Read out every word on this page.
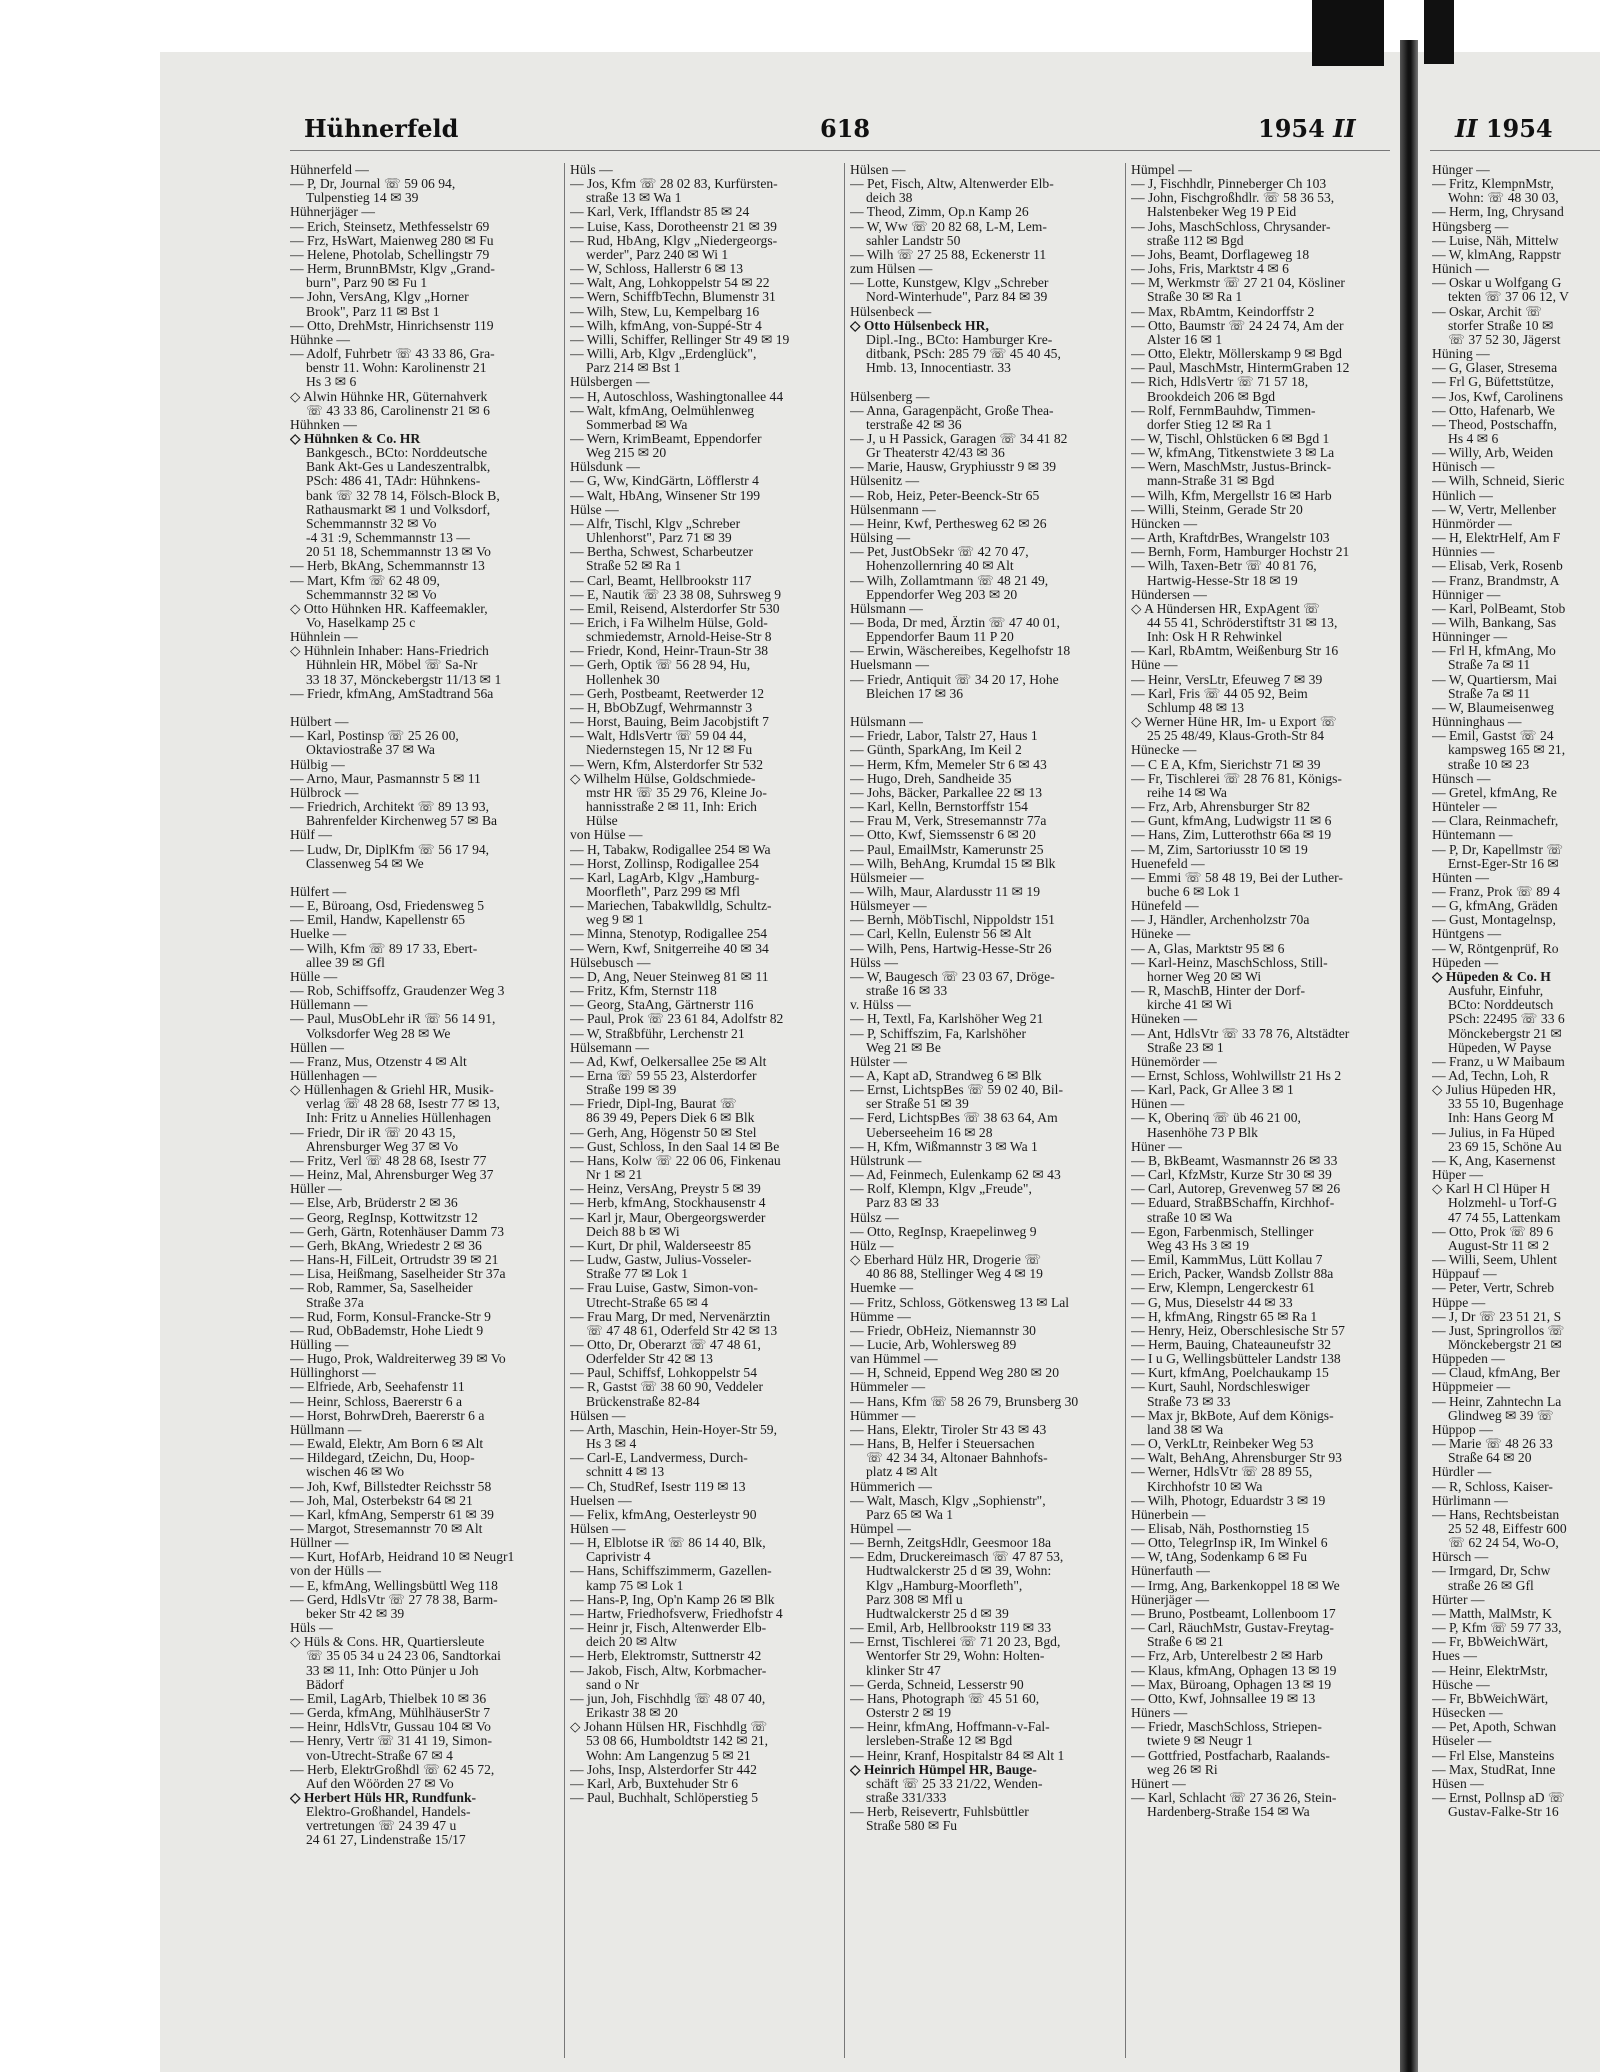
Hühnerfeld	618	1954 II	II 1954
Hühnerfeld —
— P, Dr, Journal ☏ 59 06 94,
Tulpenstieg 14 ✉ 39
Hühnerjäger —
— Erich, Steinsetz, Methfesselstr 69
— Frz, HsWart, Maienweg 280 ✉ Fu
— Helene, Photolab, Schellingstr 79
— Herm, BrunnBMstr, Klgv „Grand-
burn", Parz 90 ✉ Fu 1
— John, VersAng, Klgv „Horner
Brook", Parz 11 ✉ Bst 1
— Otto, DrehMstr, Hinrichsenstr 119
Hühnke —
— Adolf, Fuhrbetr ☏ 43 33 86, Gra-
benstr 11. Wohn: Karolinenstr 21
Hs 3 ✉ 6
◇ Alwin Hühnke HR, Güternahverk
☏ 43 33 86, Carolinenstr 21 ✉ 6
Hühnken —
◇ Hühnken & Co. HR
Bankgesch., BCto: Norddeutsche
Bank Akt-Ges u Landeszentralbk,
PSch: 486 41, TAdr: Hühnkens-
bank ☏ 32 78 14, Fölsch-Block B,
Rathausmarkt ✉ 1 und Volksdorf,
Schemmannstr 32 ✉ Vo
-4 31 :9, Schemmannstr 13 —
20 51 18, Schemmannstr 13 ✉ Vo
— Herb, BkAng, Schemmannstr 13
— Mart, Kfm ☏ 62 48 09,
Schemmannstr 32 ✉ Vo
◇ Otto Hühnken HR. Kaffeemakler,
Vo, Haselkamp 25 c
Hühnlein —
◇ Hühnlein Inhaber: Hans-Friedrich
Hühnlein HR, Möbel ☏ Sa-Nr
33 18 37, Mönckebergstr 11/13 ✉ 1
— Friedr, kfmAng, AmStadtrand 56a

Hülbert —
— Karl, Postinsp ☏ 25 26 00,
Oktaviostraße 37 ✉ Wa
Hülbig —
— Arno, Maur, Pasmannstr 5 ✉ 11
Hülbrock —
— Friedrich, Architekt ☏ 89 13 93,
Bahrenfelder Kirchenweg 57 ✉ Ba
Hülf —
— Ludw, Dr, DiplKfm ☏ 56 17 94,
Classenweg 54 ✉ We

Hülfert —
— E, Büroang, Osd, Friedensweg 5
— Emil, Handw, Kapellenstr 65
Huelke —
— Wilh, Kfm ☏ 89 17 33, Ebert-
allee 39 ✉ Gfl
Hülle —
— Rob, Schiffsoffz, Graudenzer Weg 3
Hüllemann —
— Paul, MusObLehr iR ☏ 56 14 91,
Volksdorfer Weg 28 ✉ We
Hüllen —
— Franz, Mus, Otzenstr 4 ✉ Alt
Hüllenhagen —
◇ Hüllenhagen & Griehl HR, Musik-
verlag ☏ 48 28 68, Isestr 77 ✉ 13,
Inh: Fritz u Annelies Hüllenhagen
— Friedr, Dir iR ☏ 20 43 15,
Ahrensburger Weg 37 ✉ Vo
— Fritz, Verl ☏ 48 28 68, Isestr 77
— Heinz, Mal, Ahrensburger Weg 37
Hüller —
— Else, Arb, Brüderstr 2 ✉ 36
— Georg, RegInsp, Kottwitzstr 12
— Gerh, Gärtn, Rotenhäuser Damm 73
— Gerh, BkAng, Wriedestr 2 ✉ 36
— Hans-H, FilLeit, Ortrudstr 39 ✉ 21
— Lisa, Heißmang, Saselheider Str 37a
— Rob, Rammer, Sa, Saselheider
Straße 37a
— Rud, Form, Konsul-Francke-Str 9
— Rud, ObBademstr, Hohe Liedt 9
Hülling —
— Hugo, Prok, Waldreiterweg 39 ✉ Vo
Hüllinghorst —
— Elfriede, Arb, Seehafenstr 11
— Heinr, Schloss, Baererstr 6 a
— Horst, BohrwDreh, Baererstr 6 a
Hüllmann —
— Ewald, Elektr, Am Born 6 ✉ Alt
— Hildegard, tZeichn, Du, Hoop-
wischen 46 ✉ Wo
— Joh, Kwf, Billstedter Reichsstr 58
— Joh, Mal, Osterbekstr 64 ✉ 21
— Karl, kfmAng, Semperstr 61 ✉ 39
— Margot, Stresemannstr 70 ✉ Alt
Hüllner —
— Kurt, HofArb, Heidrand 10 ✉ Neugr1
von der Hülls —
— E, kfmAng, Wellingsbüttl Weg 118
— Gerd, HdlsVtr ☏ 27 78 38, Barm-
beker Str 42 ✉ 39
Hüls —
◇ Hüls & Cons. HR, Quartiersleute
☏ 35 05 34 u 24 23 06, Sandtorkai
33 ✉ 11, Inh: Otto Pünjer u Joh
Bädorf
— Emil, LagArb, Thielbek 10 ✉ 36
— Gerda, kfmAng, MühlhäuserStr 7
— Heinr, HdlsVtr, Gussau 104 ✉ Vo
— Henry, Vertr ☏ 31 41 19, Simon-
von-Utrecht-Straße 67 ✉ 4
— Herb, ElektrGroßhdl ☏ 62 45 72,
Auf den Wöörden 27 ✉ Vo
◇ Herbert Hüls HR, Rundfunk-
Elektro-Großhandel, Handels-
vertretungen ☏ 24 39 47 u
24 61 27, Lindenstraße 15/17
Hüls —
— Jos, Kfm ☏ 28 02 83, Kurfürsten-
straße 13 ✉ Wa 1
— Karl, Verk, Ifflandstr 85 ✉ 24
— Luise, Kass, Dorotheenstr 21 ✉ 39
— Rud, HbAng, Klgv „Niedergeorgs-
werder", Parz 240 ✉ Wi 1
— W, Schloss, Hallerstr 6 ✉ 13
— Walt, Ang, Lohkoppelstr 54 ✉ 22
— Wern, SchiffbTechn, Blumenstr 31
— Wilh, Stew, Lu, Kempelbarg 16
— Wilh, kfmAng, von-Suppé-Str 4
— Willi, Schiffer, Rellinger Str 49 ✉ 19
— Willi, Arb, Klgv „Erdenglück",
Parz 214 ✉ Bst 1
Hülsbergen —
— H, Autoschloss, Washingtonallee 44
— Walt, kfmAng, Oelmühlenweg
Sommerbad ✉ Wa
— Wern, KrimBeamt, Eppendorfer
Weg 215 ✉ 20
Hülsdunk —
— G, Ww, KindGärtn, Löfflerstr 4
— Walt, HbAng, Winsener Str 199
Hülse —
— Alfr, Tischl, Klgv „Schreber
Uhlenhorst", Parz 71 ✉ 39
— Bertha, Schwest, Scharbeutzer
Straße 52 ✉ Ra 1
— Carl, Beamt, Hellbrookstr 117
— E, Nautik ☏ 23 38 08, Suhrsweg 9
— Emil, Reisend, Alsterdorfer Str 530
— Erich, i Fa Wilhelm Hülse, Gold-
schmiedemstr, Arnold-Heise-Str 8
— Friedr, Kond, Heinr-Traun-Str 38
— Gerh, Optik ☏ 56 28 94, Hu,
Hollenhek 30
— Gerh, Postbeamt, Reetwerder 12
— H, BbObZugf, Wehrmannstr 3
— Horst, Bauing, Beim Jacobjstift 7
— Walt, HdlsVertr ☏ 59 04 44,
Niedernstegen 15, Nr 12 ✉ Fu
— Wern, Kfm, Alsterdorfer Str 532
◇ Wilhelm Hülse, Goldschmiede-
mstr HR ☏ 35 29 76, Kleine Jo-
hannisstraße 2 ✉ 11, Inh: Erich
Hülse
von Hülse —
— H, Tabakw, Rodigallee 254 ✉ Wa
— Horst, Zollinsp, Rodigallee 254
— Karl, LagArb, Klgv „Hamburg-
Moorfleth", Parz 299 ✉ Mfl
— Mariechen, Tabakwlldlg, Schultz-
weg 9 ✉ 1
— Minna, Stenotyp, Rodigallee 254
— Wern, Kwf, Snitgerreihe 40 ✉ 34
Hülsebusch —
— D, Ang, Neuer Steinweg 81 ✉ 11
— Fritz, Kfm, Sternstr 118
— Georg, StaAng, Gärtnerstr 116
— Paul, Prok ☏ 23 61 84, Adolfstr 82
— W, Straßbführ, Lerchenstr 21
Hülsemann —
— Ad, Kwf, Oelkersallee 25e ✉ Alt
— Erna ☏ 59 55 23, Alsterdorfer
Straße 199 ✉ 39
— Friedr, Dipl-Ing, Baurat ☏
86 39 49, Pepers Diek 6 ✉ Blk
— Gerh, Ang, Högenstr 50 ✉ Stel
— Gust, Schloss, In den Saal 14 ✉ Be
— Hans, Kolw ☏ 22 06 06, Finkenau
Nr 1 ✉ 21
— Heinz, VersAng, Preystr 5 ✉ 39
— Herb, kfmAng, Stockhausenstr 4
— Karl jr, Maur, Obergeorgswerder
Deich 88 b ✉ Wi
— Kurt, Dr phil, Walderseestr 85
— Ludw, Gastw, Julius-Vosseler-
Straße 77 ✉ Lok 1
— Frau Luise, Gastw, Simon-von-
Utrecht-Straße 65 ✉ 4
— Frau Marg, Dr med, Nervenärztin
☏ 47 48 61, Oderfeld Str 42 ✉ 13
— Otto, Dr, Oberarzt ☏ 47 48 61,
Oderfelder Str 42 ✉ 13
— Paul, Schiffsf, Lohkoppelstr 54
— R, Gastst ☏ 38 60 90, Veddeler
Brückenstraße 82-84
Hülsen —
— Arth, Maschin, Hein-Hoyer-Str 59,
Hs 3 ✉ 4
— Carl-E, Landvermess, Durch-
schnitt 4 ✉ 13
— Ch, StudRef, Isestr 119 ✉ 13
Huelsen —
— Felix, kfmAng, Oesterleystr 90
Hülsen —
— H, Elblotse iR ☏ 86 14 40, Blk,
Caprivistr 4
— Hans, Schiffszimmerm, Gazellen-
kamp 75 ✉ Lok 1
— Hans-P, Ing, Op'n Kamp 26 ✉ Blk
— Hartw, Friedhofsverw, Friedhofstr 4
— Heinr jr, Fisch, Altenwerder Elb-
deich 20 ✉ Altw
— Herb, Elektromstr, Suttnerstr 42
— Jakob, Fisch, Altw, Korbmacher-
sand o Nr
— jun, Joh, Fischhdlg ☏ 48 07 40,
Erikastr 38 ✉ 20
◇ Johann Hülsen HR, Fischhdlg ☏
53 08 66, Humboldtstr 142 ✉ 21,
Wohn: Am Langenzug 5 ✉ 21
— Johs, Insp, Alsterdorfer Str 442
— Karl, Arb, Buxtehuder Str 6
— Paul, Buchhalt, Schlöperstieg 5
Hülsen —
— Pet, Fisch, Altw, Altenwerder Elb-
deich 38
— Theod, Zimm, Op.n Kamp 26
— W, Ww ☏ 20 82 68, L-M, Lem-
sahler Landstr 50
— Wilh ☏ 27 25 88, Eckenerstr 11
zum Hülsen —
— Lotte, Kunstgew, Klgv „Schreber
Nord-Winterhude", Parz 84 ✉ 39
Hülsenbeck —
◇ Otto Hülsenbeck HR,
Dipl.-Ing., BCto: Hamburger Kre-
ditbank, PSch: 285 79 ☏ 45 40 45,
Hmb. 13, Innocentiastr. 33

Hülsenberg —
— Anna, Garagenpächt, Große Thea-
terstraße 42 ✉ 36
— J, u H Passick, Garagen ☏ 34 41 82
Gr Theaterstr 42/43 ✉ 36
— Marie, Hausw, Gryphiusstr 9 ✉ 39
Hülsenitz —
— Rob, Heiz, Peter-Beenck-Str 65
Hülsenmann —
— Heinr, Kwf, Perthesweg 62 ✉ 26
Hülsing —
— Pet, JustObSekr ☏ 42 70 47,
Hohenzollernring 40 ✉ Alt
— Wilh, Zollamtmann ☏ 48 21 49,
Eppendorfer Weg 203 ✉ 20
Hülsmann —
— Boda, Dr med, Ärztin ☏ 47 40 01,
Eppendorfer Baum 11 P 20
— Erwin, Wäschereibes, Kegelhofstr 18
Huelsmann —
— Friedr, Antiquit ☏ 34 20 17, Hohe
Bleichen 17 ✉ 36

Hülsmann —
— Friedr, Labor, Talstr 27, Haus 1
— Günth, SparkAng, Im Keil 2
— Herm, Kfm, Memeler Str 6 ✉ 43
— Hugo, Dreh, Sandheide 35
— Johs, Bäcker, Parkallee 22 ✉ 13
— Karl, Kelln, Bernstorffstr 154
— Frau M, Verk, Stresemannstr 77a
— Otto, Kwf, Siemssenstr 6 ✉ 20
— Paul, EmailMstr, Kamerunstr 25
— Wilh, BehAng, Krumdal 15 ✉ Blk
Hülsmeier —
— Wilh, Maur, Alardusstr 11 ✉ 19
Hülsmeyer —
— Bernh, MöbTischl, Nippoldstr 151
— Carl, Kelln, Eulenstr 56 ✉ Alt
— Wilh, Pens, Hartwig-Hesse-Str 26
Hülss —
— W, Baugesch ☏ 23 03 67, Dröge-
straße 16 ✉ 33
v. Hülss —
— H, Textl, Fa, Karlshöher Weg 21
— P, Schiffszim, Fa, Karlshöher
Weg 21 ✉ Be
Hülster —
— A, Kapt aD, Strandweg 6 ✉ Blk
— Ernst, LichtspBes ☏ 59 02 40, Bil-
ser Straße 51 ✉ 39
— Ferd, LichtspBes ☏ 38 63 64, Am
Ueberseeheim 16 ✉ 28
— H, Kfm, Wißmannstr 3 ✉ Wa 1
Hülstrunk —
— Ad, Feinmech, Eulenkamp 62 ✉ 43
— Rolf, Klempn, Klgv „Freude",
Parz 83 ✉ 33
Hülsz —
— Otto, RegInsp, Kraepelinweg 9
Hülz —
◇ Eberhard Hülz HR, Drogerie ☏
40 86 88, Stellinger Weg 4 ✉ 19
Huemke —
— Fritz, Schloss, Götkensweg 13 ✉ Lal
Hümme —
— Friedr, ObHeiz, Niemannstr 30
— Lucie, Arb, Wohlersweg 89
van Hümmel —
— H, Schneid, Eppend Weg 280 ✉ 20
Hümmeler —
— Hans, Kfm ☏ 58 26 79, Brunsberg 30
Hümmer —
— Hans, Elektr, Tiroler Str 43 ✉ 43
— Hans, B, Helfer i Steuersachen
☏ 42 34 34, Altonaer Bahnhofs-
platz 4 ✉ Alt
Hümmerich —
— Walt, Masch, Klgv „Sophienstr",
Parz 65 ✉ Wa 1
Hümpel —
— Bernh, ZeitgsHdlr, Geesmoor 18a
— Edm, Druckereimasch ☏ 47 87 53,
Hudtwalckerstr 25 d ✉ 39, Wohn:
Klgv „Hamburg-Moorfleth",
Parz 308 ✉ Mfl u
Hudtwalckerstr 25 d ✉ 39
— Emil, Arb, Hellbrookstr 119 ✉ 33
— Ernst, Tischlerei ☏ 71 20 23, Bgd,
Wentorfer Str 29, Wohn: Holten-
klinker Str 47
— Gerda, Schneid, Lesserstr 90
— Hans, Photograph ☏ 45 51 60,
Osterstr 2 ✉ 19
— Heinr, kfmAng, Hoffmann-v-Fal-
lersleben-Straße 12 ✉ Bgd
— Heinr, Kranf, Hospitalstr 84 ✉ Alt 1
◇ Heinrich Hümpel HR, Bauge-
schäft ☏ 25 33 21/22, Wenden-
straße 331/333
— Herb, Reisevertr, Fuhlsbüttler
Straße 580 ✉ Fu
Hümpel —
— J, Fischhdlr, Pinneberger Ch 103
— John, Fischgroßhdlr. ☏ 58 36 53,
Halstenbeker Weg 19 P Eid
— Johs, MaschSchloss, Chrysander-
straße 112 ✉ Bgd
— Johs, Beamt, Dorflageweg 18
— Johs, Fris, Marktstr 4 ✉ 6
— M, Werkmstr ☏ 27 21 04, Kösliner
Straße 30 ✉ Ra 1
— Max, RbAmtm, Keindorffstr 2
— Otto, Baumstr ☏ 24 24 74, Am der
Alster 16 ✉ 1
— Otto, Elektr, Möllerskamp 9 ✉ Bgd
— Paul, MaschMstr, HintermGraben 12
— Rich, HdlsVertr ☏ 71 57 18,
Brookdeich 206 ✉ Bgd
— Rolf, FernmBauhdw, Timmen-
dorfer Stieg 12 ✉ Ra 1
— W, Tischl, Ohlstücken 6 ✉ Bgd 1
— W, kfmAng, Titkenstwiete 3 ✉ La
— Wern, MaschMstr, Justus-Brinck-
mann-Straße 31 ✉ Bgd
— Wilh, Kfm, Mergellstr 16 ✉ Harb
— Willi, Steinm, Gerade Str 20
Hüncken —
— Arth, KraftdrBes, Wrangelstr 103
— Bernh, Form, Hamburger Hochstr 21
— Wilh, Taxen-Betr ☏ 40 81 76,
Hartwig-Hesse-Str 18 ✉ 19
Hündersen —
◇ A Hündersen HR, ExpAgent ☏
44 55 41, Schröderstiftstr 31 ✉ 13,
Inh: Osk H R Rehwinkel
— Karl, RbAmtm, Weißenburg Str 16
Hüne —
— Heinr, VersLtr, Efeuweg 7 ✉ 39
— Karl, Fris ☏ 44 05 92, Beim
Schlump 48 ✉ 13
◇ Werner Hüne HR, Im- u Export ☏
25 25 48/49, Klaus-Groth-Str 84
Hünecke —
— C E A, Kfm, Sierichstr 71 ✉ 39
— Fr, Tischlerei ☏ 28 76 81, Königs-
reihe 14 ✉ Wa
— Frz, Arb, Ahrensburger Str 82
— Gunt, kfmAng, Ludwigstr 11 ✉ 6
— Hans, Zim, Lutterothstr 66a ✉ 19
— M, Zim, Sartoriusstr 10 ✉ 19
Huenefeld —
— Emmi ☏ 58 48 19, Bei der Luther-
buche 6 ✉ Lok 1
Hünefeld —
— J, Händler, Archenholzstr 70a
Hüneke —
— A, Glas, Marktstr 95 ✉ 6
— Karl-Heinz, MaschSchloss, Still-
horner Weg 20 ✉ Wi
— R, MaschB, Hinter der Dorf-
kirche 41 ✉ Wi
Hüneken —
— Ant, HdlsVtr ☏ 33 78 76, Altstädter
Straße 23 ✉ 1
Hünemörder —
— Ernst, Schloss, Wohlwillstr 21 Hs 2
— Karl, Pack, Gr Allee 3 ✉ 1
Hünen —
— K, Oberinq ☏ üb 46 21 00,
Hasenhöhe 73 P Blk
Hüner —
— B, BkBeamt, Wasmannstr 26 ✉ 33
— Carl, KfzMstr, Kurze Str 30 ✉ 39
— Carl, Autorep, Grevenweg 57 ✉ 26
— Eduard, StraßBSchaffn, Kirchhof-
straße 10 ✉ Wa
— Egon, Farbenmisch, Stellinger
Weg 43 Hs 3 ✉ 19
— Emil, KammMus, Lütt Kollau 7
— Erich, Packer, Wandsb Zollstr 88a
— Erw, Klempn, Lengerckestr 61
— G, Mus, Dieselstr 44 ✉ 33
— H, kfmAng, Ringstr 65 ✉ Ra 1
— Henry, Heiz, Oberschlesische Str 57
— Herm, Bauing, Chateauneufstr 32
— I u G, Wellingsbütteler Landstr 138
— Kurt, kfmAng, Poelchaukamp 15
— Kurt, Sauhl, Nordschleswiger
Straße 73 ✉ 33
— Max jr, BkBote, Auf dem Königs-
land 38 ✉ Wa
— O, VerkLtr, Reinbeker Weg 53
— Walt, BehAng, Ahrensburger Str 93
— Werner, HdlsVtr ☏ 28 89 55,
Kirchhofstr 10 ✉ Wa
— Wilh, Photogr, Eduardstr 3 ✉ 19
Hünerbein —
— Elisab, Näh, Posthornstieg 15
— Otto, TelegrInsp iR, Im Winkel 6
— W, tAng, Sodenkamp 6 ✉ Fu
Hünerfauth —
— Irmg, Ang, Barkenkoppel 18 ✉ We
Hünerjäger —
— Bruno, Postbeamt, Lollenboom 17
— Carl, RäuchMstr, Gustav-Freytag-
Straße 6 ✉ 21
— Frz, Arb, Unterelbestr 2 ✉ Harb
— Klaus, kfmAng, Ophagen 13 ✉ 19
— Max, Büroang, Ophagen 13 ✉ 19
— Otto, Kwf, Johnsallee 19 ✉ 13
Hüners —
— Friedr, MaschSchloss, Striepen-
twiete 9 ✉ Neugr 1
— Gottfried, Postfacharb, Raalands-
weg 26 ✉ Ri
Hünert —
— Karl, Schlacht ☏ 27 36 26, Stein-
Hardenberg-Straße 154 ✉ Wa
Hünger —
— Fritz, KlempnMstr,
Wohn: ☏ 48 30 03,
— Herm, Ing, Chrysand
Hüngsberg —
— Luise, Näh, Mittelw
— W, klmAng, Rappstr
Hünich —
— Oskar u Wolfgang G
tekten ☏ 37 06 12, V
— Oskar, Archit ☏
storfer Straße 10 ✉
☏ 37 52 30, Jägerst
Hüning —
— G, Glaser, Stresema
— Frl G, Büfettstütze,
— Jos, Kwf, Carolinens
— Otto, Hafenarb, We
— Theod, Postschaffn,
Hs 4 ✉ 6
— Willy, Arb, Weiden
Hünisch —
— Wilh, Schneid, Sieric
Hünlich —
— W, Vertr, Mellenber
Hünmörder —
— H, ElektrHelf, Am F
Hünnies —
— Elisab, Verk, Rosenb
— Franz, Brandmstr, A
Hünniger —
— Karl, PolBeamt, Stob
— Wilh, Bankang, Sas
Hünninger —
— Frl H, kfmAng, Mo
Straße 7a ✉ 11
— W, Quartiersm, Mai
Straße 7a ✉ 11
— W, Blaumeisenweg
Hünninghaus —
— Emil, Gastst ☏ 24
kampsweg 165 ✉ 21,
straße 10 ✉ 23
Hünsch —
— Gretel, kfmAng, Re
Hünteler —
— Clara, Reinmachefr,
Hüntemann —
— P, Dr, Kapellmstr ☏
Ernst-Eger-Str 16 ✉
Hünten —
— Franz, Prok ☏ 89 4
— G, kfmAng, Gräden
— Gust, Montagelnsp,
Hüntgens —
— W, Röntgenprüf, Ro
Hüpeden —
◇ Hüpeden & Co. H
Ausfuhr, Einfuhr,
BCto: Norddeutsch
PSch: 22495 ☏ 33 6
Mönckebergstr 21 ✉
Hüpeden, W Payse
— Franz, u W Maibaum
— Ad, Techn, Loh, R
◇ Julius Hüpeden HR,
33 55 10, Bugenhage
Inh: Hans Georg M
— Julius, in Fa Hüped
23 69 15, Schöne Au
— K, Ang, Kasernenst
Hüper —
◇ Karl H Cl Hüper H
Holzmehl- u Torf-G
47 74 55, Lattenkam
— Otto, Prok ☏ 89 6
August-Str 11 ✉ 2
— Willi, Seem, Uhlent
Hüppauf —
— Peter, Vertr, Schreb
Hüppe —
— J, Dr ☏ 23 51 21, S
— Just, Springrollos ☏
Mönckebergstr 21 ✉
Hüppeden —
— Claud, kfmAng, Ber
Hüppmeier —
— Heinr, Zahntechn La
Glindweg ✉ 39 ☏
Hüppop —
— Marie ☏ 48 26 33
Straße 64 ✉ 20
Hürdler —
— R, Schloss, Kaiser-
Hürlimann —
— Hans, Rechtsbeistan
25 52 48, Eiffestr 600
☏ 62 24 54, Wo-O,
Hürsch —
— Irmgard, Dr, Schw
straße 26 ✉ Gfl
Hürter —
— Matth, MalMstr, K
— P, Kfm ☏ 59 77 33,
— Fr, BbWeichWärt,
Hues —
— Heinr, ElektrMstr,
Hüsche —
— Fr, BbWeichWärt,
Hüsecken —
— Pet, Apoth, Schwan
Hüseler —
— Frl Else, Mansteins
— Max, StudRat, Inne
Hüsen —
— Ernst, Pollnsp aD ☏
Gustav-Falke-Str 16
